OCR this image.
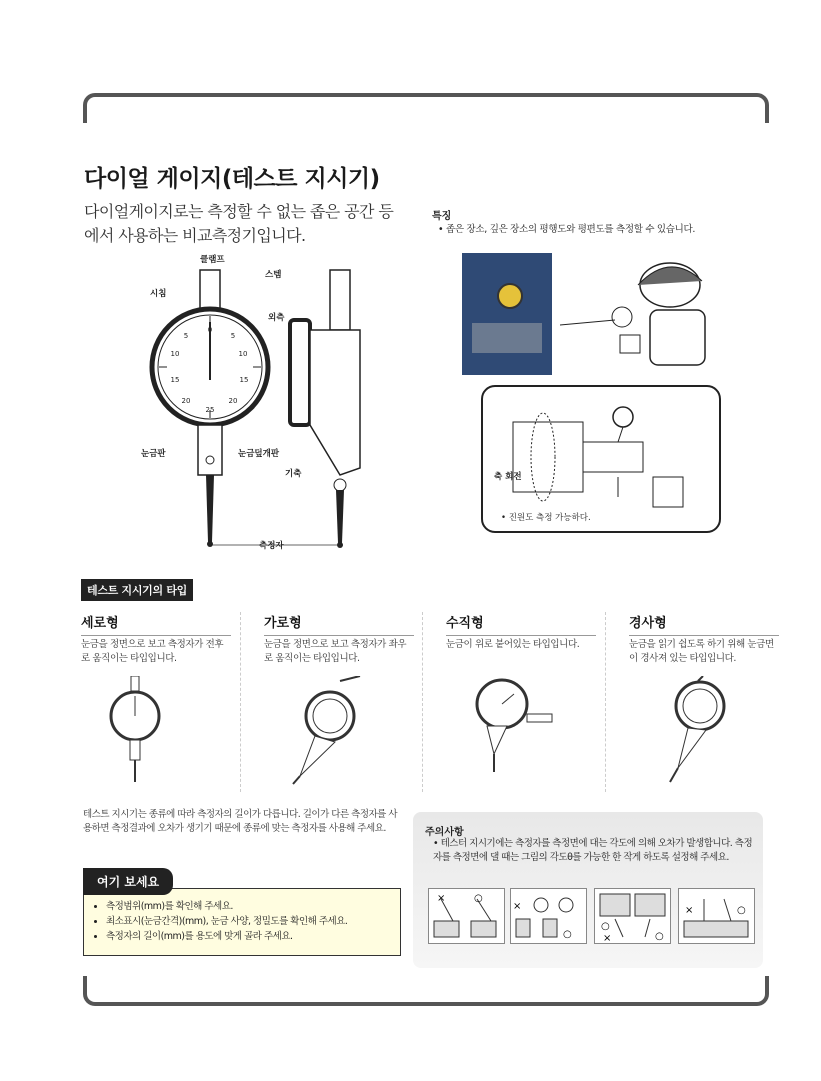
다이얼 게이지(테스트 지시기)
다이얼게이지로는 측정할 수 없는 좁은 공간 등에서 사용하는 비교측정기입니다.
특징
• 좁은 장소, 깊은 장소의 평행도와 평편도를 측정할 수 있습니다.
0
5
10
15
20
25
20
15
10
5
클램프
스템
시침
외측
눈금판	눈금덮개판
기축
측정자
축 회전
• 진원도 측정 가능하다.
테스트 지시기의 타입
세로형
눈금을 정면으로 보고 측정자가 전후로 움직이는 타입입니다.
가로형
눈금을 정면으로 보고 측정자가 좌우로 움직이는 타입입니다.
수직형
눈금이 위로 붙어있는 타입입니다.
경사형
눈금을 읽기 쉽도록 하기 위해 눈금면이 경사져 있는 타입입니다.
테스트 지시기는 종류에 따라 측정자의 길이가 다릅니다. 길이가 다른 측정자를 사용하면 측정결과에 오차가 생기기 때문에 종류에 맞는 측정자를 사용해 주세요.
• 측정범위(mm)를 확인해 주세요.
• 최소표시(눈금간격)(mm), 눈금 사양, 정밀도를 확인해 주세요.
• 측정자의 길이(mm)를 용도에 맞게 골라 주세요.
여기 보세요
주의사항
• 테스터 지시기에는 측정자를 측정면에 대는 각도에 의해 오차가 발생합니다. 측정자를 측정면에 댈 때는 그림의 각도θ를 가능한 한 작게 하도록 설정해 주세요.
×	○
×
○
○
×	○
×	○
